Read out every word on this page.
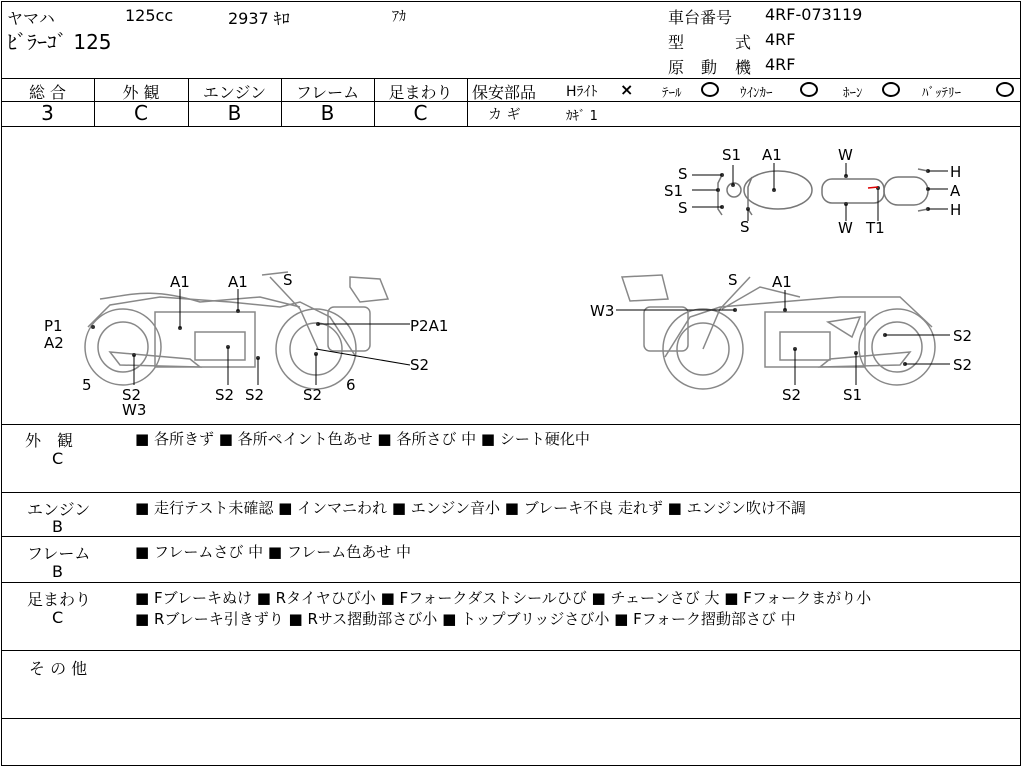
ヤマハ	125cc	2937 ｷﾛ	ｱｶ
ﾋﾞﾗｰｺﾞ 125
車台番号 4RF-073119
型	式 4RF
原 動 機 4RF
総 合	外 観	エンジン	フレーム	足まわり
3	C	B	B	C
保安部品 Hﾗｲﾄ × ﾃｰﾙ	ｳｲﾝｶｰ	ﾎｰﾝ	ﾊﾞｯﾃﾘｰ
カ ギ	ｶｷﾞ 1
S1 A1	W
S	H
S1	A
S	H
S	W T1
A1	A1 S
P1
A2
P2A1
S2
5
S2
W3
S2 S2	S2
6
S A1
W3
S2
S2
S2	S1
外　観
C
■ 各所きず ■ 各所ペイント色あせ ■ 各所さび 中 ■ シート硬化中
エンジン
B
■ 走行テスト未確認 ■ インマニわれ ■ エンジン音小 ■ ブレーキ不良 走れず ■ エンジン吹け不調
フレーム
B
■ フレームさび 中 ■ フレーム色あせ 中
足まわり
C
■ Fブレーキぬけ ■ Rタイヤひび小 ■ Fフォークダストシールひび ■ チェーンさび 大 ■ Fフォークまがり小
■ Rブレーキ引きずり ■ Rサス摺動部さび小 ■ トップブリッジさび小 ■ Fフォーク摺動部さび 中
そ の 他
